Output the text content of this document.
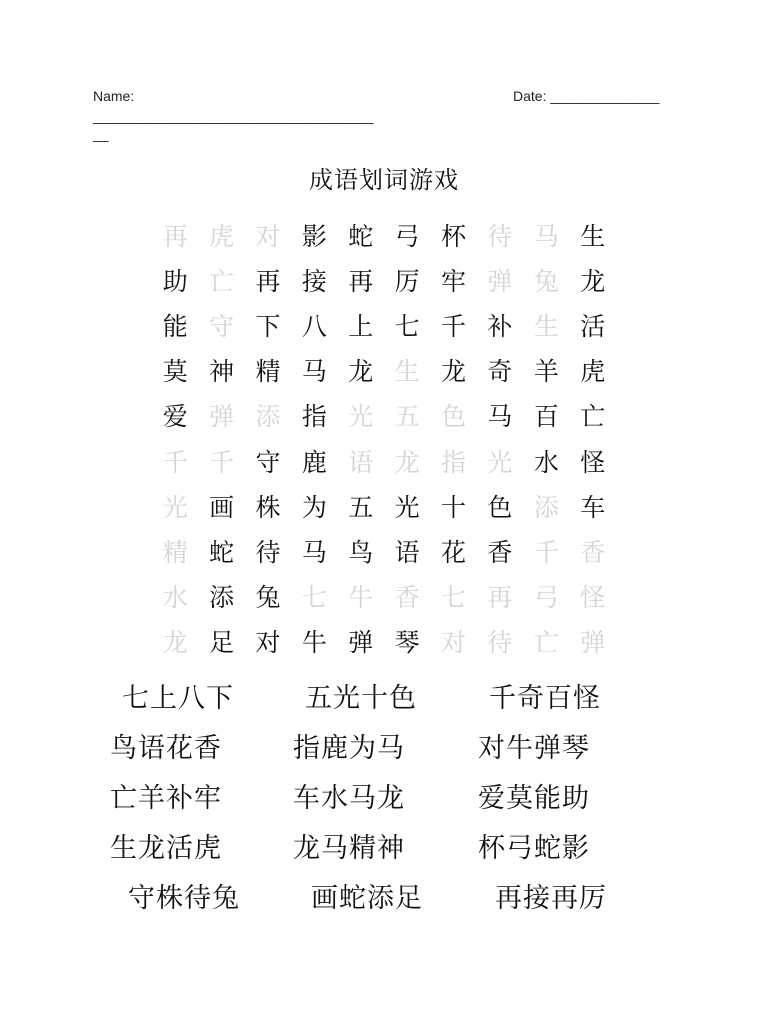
Name:
____________________________________
__
Date: ______________
成语划词游戏
再 虎 对 影 蛇 弓 杯 待 马 生
助 亡 再 接 再 厉 牢 弹 兔 龙
能 守 下 八 上 七 千 补 生 活
莫 神 精 马 龙 生 龙 奇 羊 虎
爱 弹 添 指 光 五 色 马 百 亡
千 千 守 鹿 语 龙 指 光 水 怪
光 画 株 为 五 光 十 色 添 车
精 蛇 待 马 鸟 语 花 香 千 香
水 添 兔 七 牛 香 七 再 弓 怪
龙 足 对 牛 弹 琴 对 待 亡 弹
七上八下	五光十色	千奇百怪
鸟语花香	指鹿为马	对牛弹琴
亡羊补牢	车水马龙	爱莫能助
生龙活虎	龙马精神	杯弓蛇影
守株待兔	画蛇添足	再接再厉
